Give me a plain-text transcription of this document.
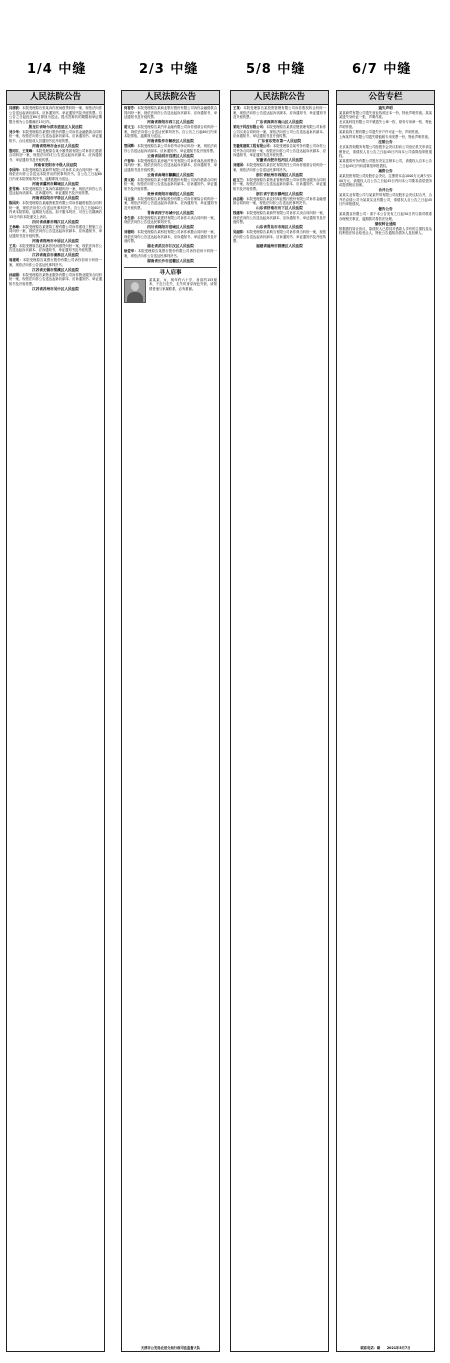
1/4 中缝	2/3 中缝	5/8 中缝	6/7 中缝
人民法院公告

闫清波：本院受理原告张某诉你民间借贷纠纷一案，现依法向你公告送达起诉状副本、应诉通知书、举证通知书及开庭传票。自公告之日起经过60日即视为送达。提出答辩状的期限和举证期限分别为公告期满后15日内。

黑龙江省哈尔滨市道里区人民法院

刘少华：本院受理原告某银行股份有限公司诉你金融借款合同纠纷一案，现依法向你公告送达起诉状副本、应诉通知书、举证通知书、合议庭组成人员通知书及开庭传票。

河南省郑州市金水区人民法院

鲁同江、王某峰：本院受理原告某小额贷款有限公司诉你们借款合同纠纷一案，现依法向你们公告送达起诉状副本、应诉通知书、举证通知书及开庭传票。

河南省安阳市中级人民法院

李国华：本院受理原告某商贸有限公司诉你买卖合同纠纷一案，现依法向你公告送达本院作出的民事判决书。自公告之日起60日内来本院领取判决书，逾期即视为送达。

河南省漯河市郾城区人民法院

张雪梅：本院受理原告王某诉你离婚纠纷一案，现依法向你公告送达起诉状副本、应诉通知书、举证通知书及开庭传票。

河南省信阳市平桥区人民法院

陈国庆：本院受理原告某融资租赁有限公司诉你融资租赁合同纠纷一案，现依法向你公告送达民事判决书。自公告之日起60日内来本院领取，逾期视为送达。如不服本判决，可在公告期满后15日内向本院递交上诉状。

四川省成都市锦江区人民法院

王林峰：本院受理原告某建筑工程有限公司诉你建设工程施工合同纠纷一案，现依法向你公告送达起诉状副本、应诉通知书、举证通知书及开庭传票。

河南省郑州市中原区人民法院

王英：本院受理原告赵某诉你民间借贷纠纷一案，现依法向你公告送达起诉状副本、应诉通知书、举证通知书及开庭传票。

江苏省南京市秦淮区人民法院

周建明：本院受理原告某银行股份有限公司诉你信用卡纠纷一案，现依法向你公告送达民事判决书。

江苏省无锡市梁溪区人民法院

孙丽娟：本院受理原告某物业服务有限公司诉你物业服务合同纠纷一案，现依法向你公告送达起诉状副本、应诉通知书、举证通知书及开庭传票。

江苏省苏州市吴中区人民法院
人民法院公告

何春芳：本院受理原告某商业银行股份有限公司诉你金融借款合同纠纷一案，现依法向你公告送达起诉状副本、应诉通知书、举证通知书及开庭传票。

河南省洛阳市西工区人民法院

胡文玉：本院受理原告某汽车金融有限公司诉你借款合同纠纷一案，现依法向你公告送达民事判决书。自公告之日起60日内来本院领取，逾期视为送达。

河南省焦作市解放区人民法院

管国辉：本院受理原告某公司诉你劳动争议纠纷一案，现依法向你公告送达起诉状副本、应诉通知书、举证通知书及开庭传票。

云南省昆明市官渡区人民法院

卢春华：本院受理原告某房地产开发有限公司诉你商品房预售合同纠纷一案，现依法向你公告送达起诉状副本、应诉通知书、举证通知书及开庭传票。

云南省曲靖市麒麟区人民法院

黄文斌：本院受理原告某小额贷款股份有限公司诉你借款合同纠纷一案，现依法向你公告送达起诉状副本、应诉通知书、举证通知书及开庭传票。

贵州省贵阳市南明区人民法院

马立强：本院受理原告某保险股份有限公司诉你保险合同纠纷一案，现依法向你公告送达起诉状副本、应诉通知书、举证通知书及开庭传票。

青海省西宁市城中区人民法院

李生春：本院受理原告某建材有限公司诉你买卖合同纠纷一案，现依法向你公告送达民事判决书。

四川省绵阳市涪城区人民法院

刘德明：本院受理原告某科技有限公司诉你承揽合同纠纷一案，现依法向你公告送达起诉状副本、应诉通知书、举证通知书及开庭传票。

湖北省武汉市江汉区人民法院

徐爱华：本院受理原告某银行股份有限公司诉你信用卡纠纷一案，现依法向你公告送达民事判决书。

湖南省长沙市岳麓区人民法院
寻人启事
某某某，女，现年约六十岁，身高约155厘米，于近日走失，走失时身穿深色外套，请知情者速与家属联系，必有重谢。
天津市公安局北辰分局行政司法监督大队
人民法院公告

王某：本院受理原告某投资管理有限公司诉你股权转让纠纷一案，现依法向你公告送达起诉状副本、应诉通知书、举证通知书及开庭传票。

广东省深圳市南山区人民法院

某电子科技有限公司：本院受理原告某供应链管理有限公司诉你公司买卖合同纠纷一案，现依法向你公司公告送达起诉状副本、应诉通知书、举证通知书及开庭传票。

广东省东莞市第一人民法院

安徽某建筑工程有限公司：本院受理原告某劳务有限公司诉你公司劳务合同纠纷一案，现依法向你公司公告送达起诉状副本、应诉通知书、举证通知书及开庭传票。

安徽省合肥市包河区人民法院

刘建国：本院受理原告某信托有限责任公司诉你借款合同纠纷一案，现依法向你公告送达民事判决书。

浙江省杭州市西湖区人民法院

赵玉兰：本院受理原告某物业管理有限公司诉你物业服务合同纠纷一案，现依法向你公告送达起诉状副本、应诉通知书、举证通知书及开庭传票。

浙江省宁波市鄞州区人民法院

孙志刚：本院受理原告某农村商业银行股份有限公司诉你金融借款合同纠纷一案，现依法向你公告送达民事判决书。

山东省济南市历下区人民法院

钱建华：本院受理原告某商贸有限公司诉你买卖合同纠纷一案，现依法向你公告送达起诉状副本、应诉通知书、举证通知书及开庭传票。

山东省青岛市市南区人民法院

吴丽萍：本院受理原告某典当有限公司诉你典当纠纷一案，现依法向你公告送达起诉状副本、应诉通知书、举证通知书及开庭传票。

福建省福州市鼓楼区人民法院
公告专栏
遗失声明

某某商贸有限公司遗失营业执照正本一份，特此声明作废。某某某遗失身份证一张，声明作废。

北京某科技有限公司不慎遗失公章一枚、财务专用章一枚，特此声明作废。

某某装饰工程有限公司遗失开户许可证一份，声明作废。

上海某贸易有限公司遗失增值税专用发票一份，特此声明作废。

注销公告

北京某咨询服务有限公司经股东会决议拟向公司登记机关申请注销登记，请债权人自公告之日起45日内向本公司清算组申报债权。

某某建筑劳务有限公司股东决定注销本公司，请债权人自本公告之日起45日内向清算组申报债权。

减资公告

某某投资有限公司经股东会决议，注册资本由1000万元减少至100万元，请债权人自公告之日起45日内向本公司要求清偿债务或提供相应担保。

合并公告

某某实业有限公司与某某贸易有限公司经股东会决议拟合并，合并后存续公司为某某实业有限公司，请债权人自公告之日起45日内申报债权。

催告公告

某某置业有限公司：请于本公告发布之日起30日内与我司联系办理相关事宜，逾期我司将依法处理。

债权转让通知

根据债权转让协议，原债权人已将其对借款人享有的主债权及从权利依法转让给受让人，特此公告通知各债务人及担保人。

联系电话：略　　2021年5月7日
